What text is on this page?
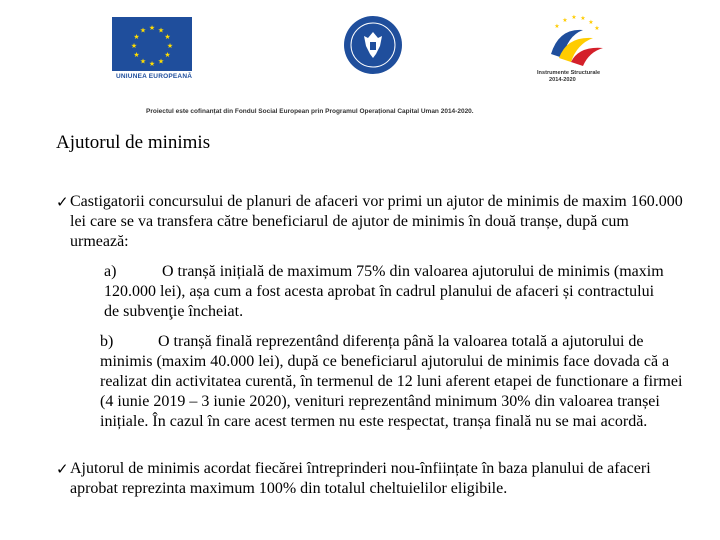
★ ★
★
★
★
★
★
★
★
★
★
★
UNIUNEA EUROPEANĂ
★
★ ★ ★
★
★
Instrumente Structurale
2014-2020
Proiectul este cofinanțat din Fondul Social European prin Programul Operațional Capital Uman 2014-2020.
Ajutorul de minimis
✓ Castigatorii concursului de planuri de afaceri vor primi un ajutor de minimis de maxim 160.000 lei care se va transfera către beneficiarul de ajutor de minimis în două tranșe, după cum urmează:

a)	O tranșă inițială de maximum 75% din valoarea ajutorului de minimis (maxim 120.000 lei), așa cum a fost acesta aprobat în cadrul planului de afaceri și contractului de subvenţie încheiat.
b)	O tranșă finală reprezentând diferența până la valoarea totală a ajutorului de minimis (maxim 40.000 lei), după ce beneficiarul ajutorului de minimis face dovada că a realizat din activitatea curentă, în termenul de 12 luni aferent etapei de functionare a firmei (4 iunie 2019 – 3 iunie 2020), venituri reprezentând minimum 30% din valoarea tranșei inițiale. În cazul în care acest termen nu este respectat, tranșa finală nu se mai acordă.
✓ Ajutorul de minimis acordat fiecărei întreprinderi nou-înființate în baza planului de afaceri aprobat reprezinta maximum 100% din totalul cheltuielilor eligibile.
